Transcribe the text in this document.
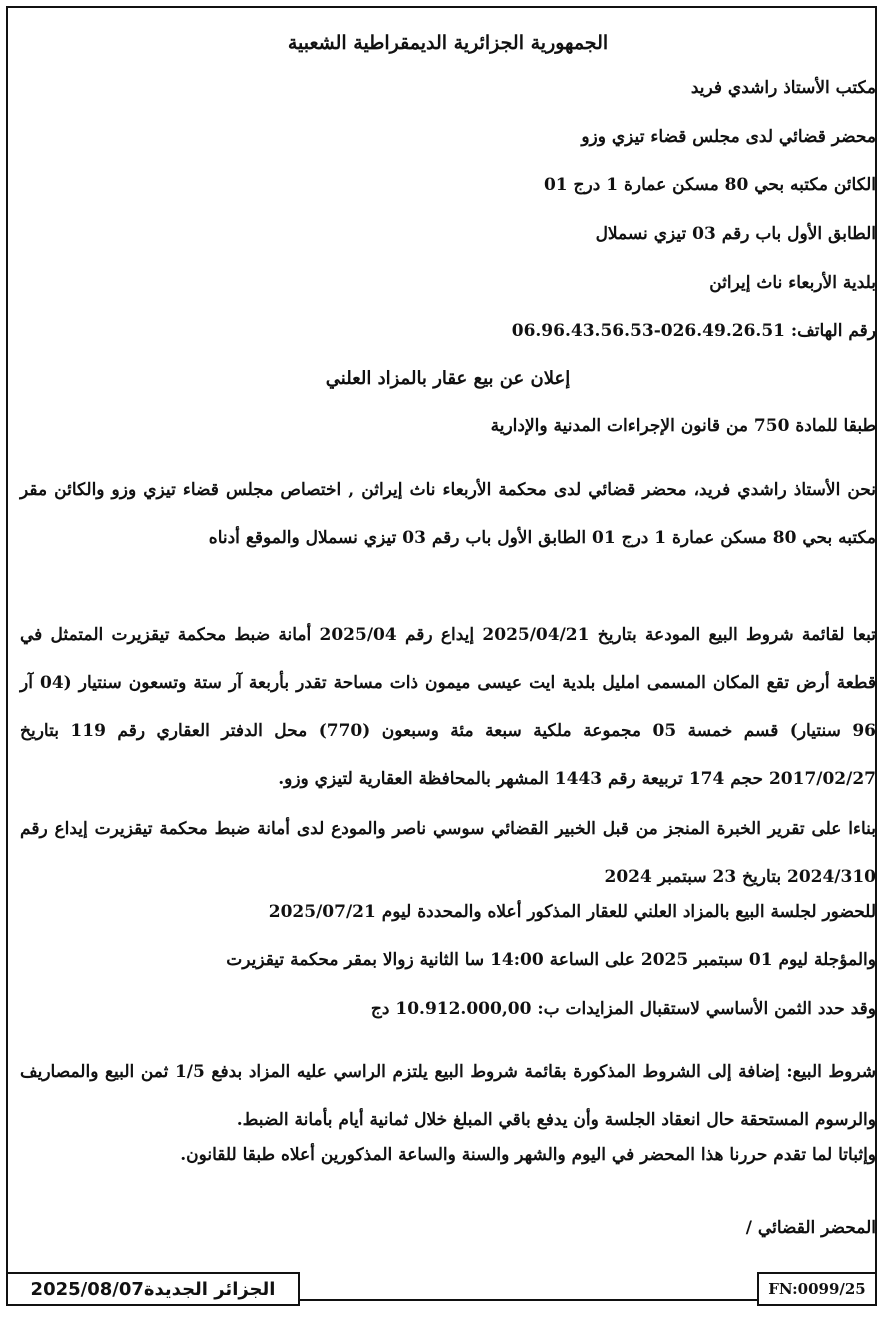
الجمهورية الجزائرية الديمقراطية الشعبية
مكتب الأستاذ راشدي فريد
محضر قضائي لدى مجلس قضاء تيزي وزو
الكائن مكتبه بحي 80 مسكن عمارة 1 درج 01
الطابق الأول باب رقم 03 تيزي نسملال
بلدية الأربعاء ناث إيراثن
رقم الهاتف: 026.49.26.51-06.96.43.56.53
إعلان عن بيع عقار بالمزاد العلني
طبقا للمادة 750 من قانون الإجراءات المدنية والإدارية
نحن الأستاذ راشدي فريد، محضر قضائي لدى محكمة الأربعاء ناث إيراثن , اختصاص مجلس قضاء تيزي وزو والكائن مقر مكتبه بحي 80 مسكن عمارة 1 درج 01 الطابق الأول باب رقم 03 تيزي نسملال والموقع أدناه
تبعا لقائمة شروط البيع المودعة بتاريخ 2025/04/21 إيداع رقم 2025/04 أمانة ضبط محكمة تيقزيرت المتمثل في قطعة أرض تقع المكان المسمى امليل بلدية ايت عيسى ميمون ذات مساحة تقدر بأربعة آر ستة وتسعون سنتيار (04 آر 96 سنتيار) قسم خمسة 05 مجموعة ملكية سبعة مئة وسبعون (770) محل الدفتر العقاري رقم 119 بتاريخ 2017/02/27 حجم 174 تربيعة رقم 1443 المشهر بالمحافظة العقارية لتيزي وزو.
بناءا على تقرير الخبرة المنجز من قبل الخبير القضائي سوسي ناصر والمودع لدى أمانة ضبط محكمة تيقزيرت إيداع رقم 2024/310 بتاريخ 23 سبتمبر 2024
للحضور لجلسة البيع بالمزاد العلني للعقار المذكور أعلاه والمحددة ليوم 2025/07/21
والمؤجلة ليوم 01 سبتمبر 2025 على الساعة 14:00 سا الثانية زوالا بمقر محكمة تيقزيرت
وقد حدد الثمن الأساسي لاستقبال المزايدات ب: 10.912.000,00 دج
شروط البيع: إضافة إلى الشروط المذكورة بقائمة شروط البيع يلتزم الراسي عليه المزاد بدفع 1/5 ثمن البيع والمصاريف والرسوم المستحقة حال انعقاد الجلسة وأن يدفع باقي المبلغ خلال ثمانية أيام بأمانة الضبط.
وإثباتا لما تقدم حررنا هذا المحضر في اليوم والشهر والسنة والساعة المذكورين أعلاه طبقا للقانون.
المحضر القضائي /
الجزائر الجديدة
2025/08/07	FN:0099/25
